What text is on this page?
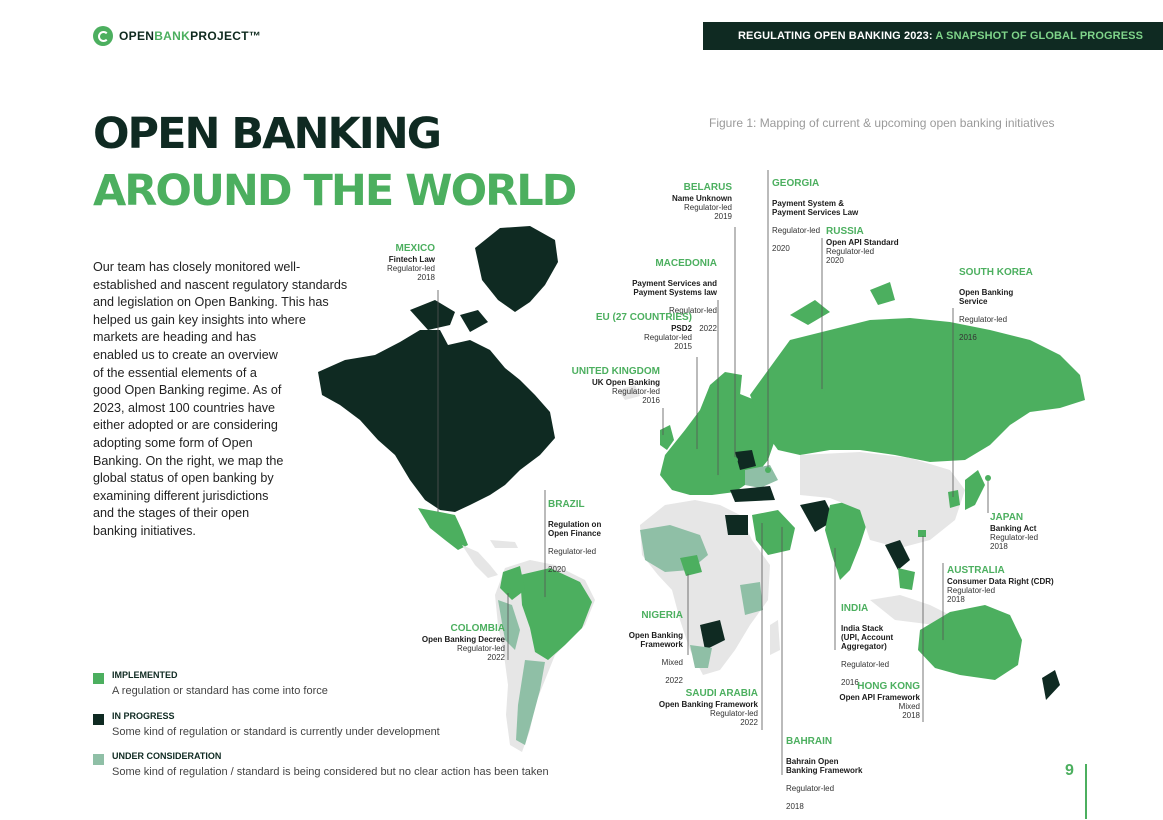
OPENBANKPROJECT™	REGULATING OPEN BANKING 2023: A SNAPSHOT OF GLOBAL PROGRESS
OPEN BANKING
AROUND THE WORLD
Figure 1: Mapping of current & upcoming open banking initiatives
Our team has closely monitored well-
established and nascent regulatory standards
and legislation on Open Banking. This has
helped us gain key insights into where
markets are heading and has
enabled us to create an overview
of the essential elements of a
good Open Banking regime. As of
2023, almost 100 countries have
either adopted or are considering
adopting some form of Open
Banking. On the right, we map the
global status of open banking by
examining different jurisdictions
and the stages of their open
banking initiatives.
MEXICO
Fintech Law
Regulator-led
2018
BELARUS
Name Unknown
Regulator-led
2019

GEORGIA

Payment System &
Payment Services Law

Regulator-led

2020

MACEDONIA

Payment Services and
Payment Systems law

Regulator-led

2022

RUSSIA
Open API Standard
Regulator-led
2020

SOUTH KOREA

Open Banking
Service

Regulator-led

2016

EU (27 COUNTRIES)
PSD2
Regulator-led
2015
UNITED KINGDOM
UK Open Banking
Regulator-led
2016

BRAZIL

Regulation on
Open Finance

Regulator-led

2020

JAPAN
Banking Act
Regulator-led
2018
AUSTRALIA
Consumer Data Right (CDR)
Regulator-led
2018

INDIA

India Stack
(UPI, Account
Aggregator)

Regulator-led

2016

NIGERIA

Open Banking
Framework

Mixed

2022

COLOMBIA
Open Banking Decree
Regulator-led
2022
HONG KONG
Open API Framework
Mixed
2018
SAUDI ARABIA
Open Banking Framework
Regulator-led
2022

BAHRAIN

Bahrain Open
Banking Framework

Regulator-led

2018

IMPLEMENTED
A regulation or standard has come into force
IN PROGRESS
Some kind of regulation or standard is currently under development
UNDER CONSIDERATION
Some kind of regulation / standard is being considered but no clear action has been taken	9
